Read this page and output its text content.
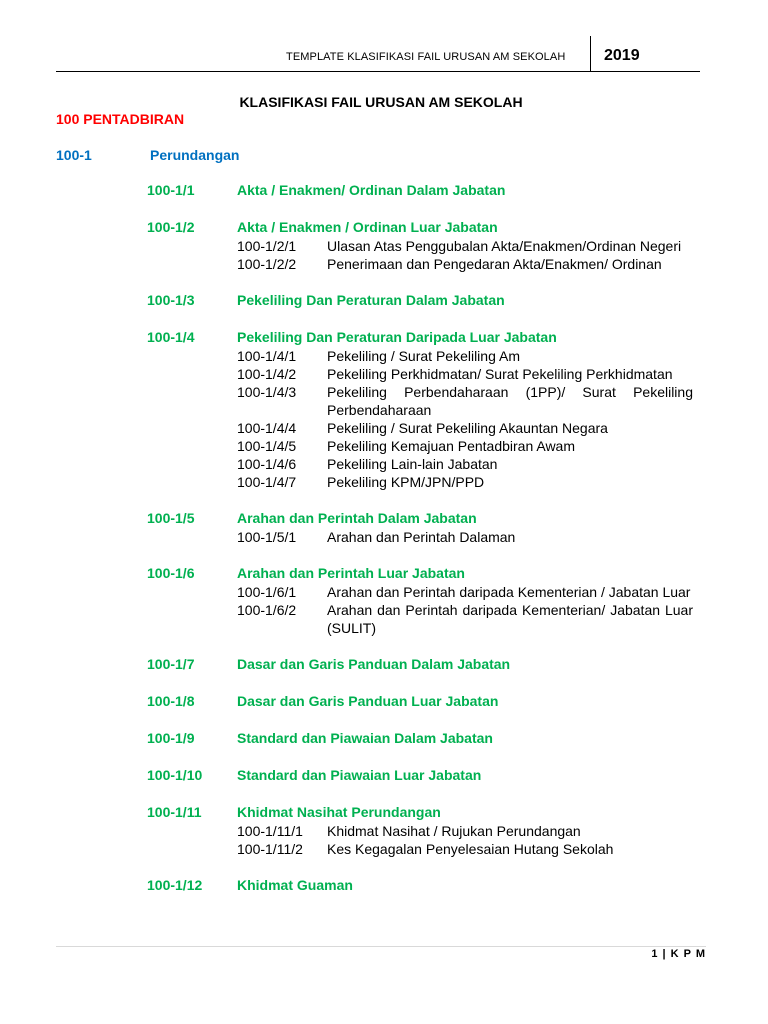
TEMPLATE KLASIFIKASI FAIL URUSAN AM SEKOLAH 2019
KLASIFIKASI FAIL URUSAN AM SEKOLAH
100 PENTADBIRAN
100-1	Perundangan
100-1/1	Akta / Enakmen/ Ordinan Dalam Jabatan
100-1/2	Akta / Enakmen / Ordinan Luar Jabatan
100-1/2/1 Ulasan Atas Penggubalan Akta/Enakmen/Ordinan Negeri
100-1/2/2 Penerimaan dan Pengedaran Akta/Enakmen/ Ordinan
100-1/3	Pekeliling Dan Peraturan Dalam Jabatan
100-1/4	Pekeliling Dan Peraturan Daripada Luar Jabatan
100-1/4/1 Pekeliling / Surat Pekeliling Am
100-1/4/2 Pekeliling Perkhidmatan/ Surat Pekeliling Perkhidmatan
100-1/4/3 Pekeliling Perbendaharaan (1PP)/ Surat Pekeliling Perbendaharaan
100-1/4/4 Pekeliling / Surat Pekeliling Akauntan Negara
100-1/4/5 Pekeliling Kemajuan Pentadbiran Awam
100-1/4/6 Pekeliling Lain-lain Jabatan
100-1/4/7 Pekeliling KPM/JPN/PPD
100-1/5	Arahan dan Perintah Dalam Jabatan
100-1/5/1 Arahan dan Perintah Dalaman
100-1/6	Arahan dan Perintah Luar Jabatan
100-1/6/1 Arahan dan Perintah daripada Kementerian / Jabatan Luar
100-1/6/2 Arahan dan Perintah daripada Kementerian/ Jabatan Luar (SULIT)
100-1/7	Dasar dan Garis Panduan Dalam Jabatan
100-1/8	Dasar dan Garis Panduan Luar Jabatan
100-1/9	Standard dan Piawaian Dalam Jabatan
100-1/10 Standard dan Piawaian Luar Jabatan
100-1/11	Khidmat Nasihat Perundangan
100-1/11/1 Khidmat Nasihat / Rujukan Perundangan
100-1/11/2 Kes Kegagalan Penyelesaian Hutang Sekolah
100-1/12 Khidmat Guaman
1 | K P M
